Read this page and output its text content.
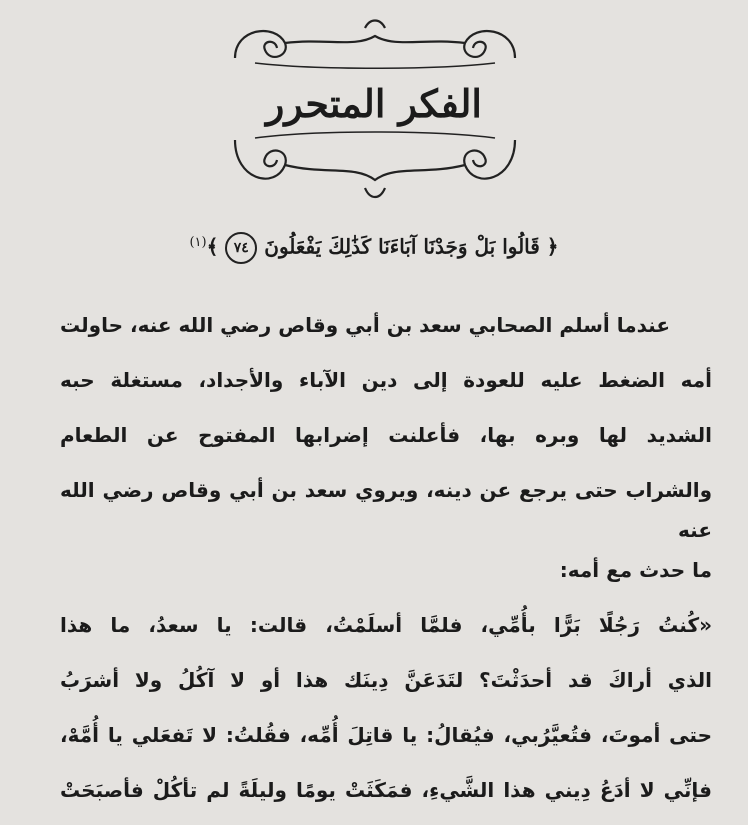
الفكر المتحرر
﴿ قَالُوا بَلْ وَجَدْنَا آبَاءَنَا كَذَٰلِكَ يَفْعَلُونَ ٧٤ ﴾$^{(١)}$
عندما أسلم الصحابي سعد بن أبي وقاص رضي الله عنه، حاولت
أمه الضغط عليه للعودة إلى دين الآباء والأجداد، مستغلة حبه
الشديد لها وبره بها، فأعلنت إضرابها المفتوح عن الطعام
والشراب حتى يرجع عن دينه، ويروي سعد بن أبي وقاص رضي الله عنه
ما حدث مع أمه:
«كُنتُ رَجُلًا بَرًّا بأُمِّي، فلمَّا أسلَمْتُ، قالت: يا سعدُ، ما هذا
الذي أراكَ قد أحدَثْتَ؟ لتَدَعَنَّ دِينَك هذا أو لا آكُلُ ولا أشرَبُ
حتى أموتَ، فتُعيَّرُبي، فيُقالُ: يا قاتِلَ أُمِّه، فقُلتُ: لا تَفعَلي يا أُمَّهْ،
فإنِّي لا أدَعُ دِيني هذا الشَّيءِ، فمَكَثَتْ يومًا وليلَةً لم تأكُلْ فأصبَحَتْ
